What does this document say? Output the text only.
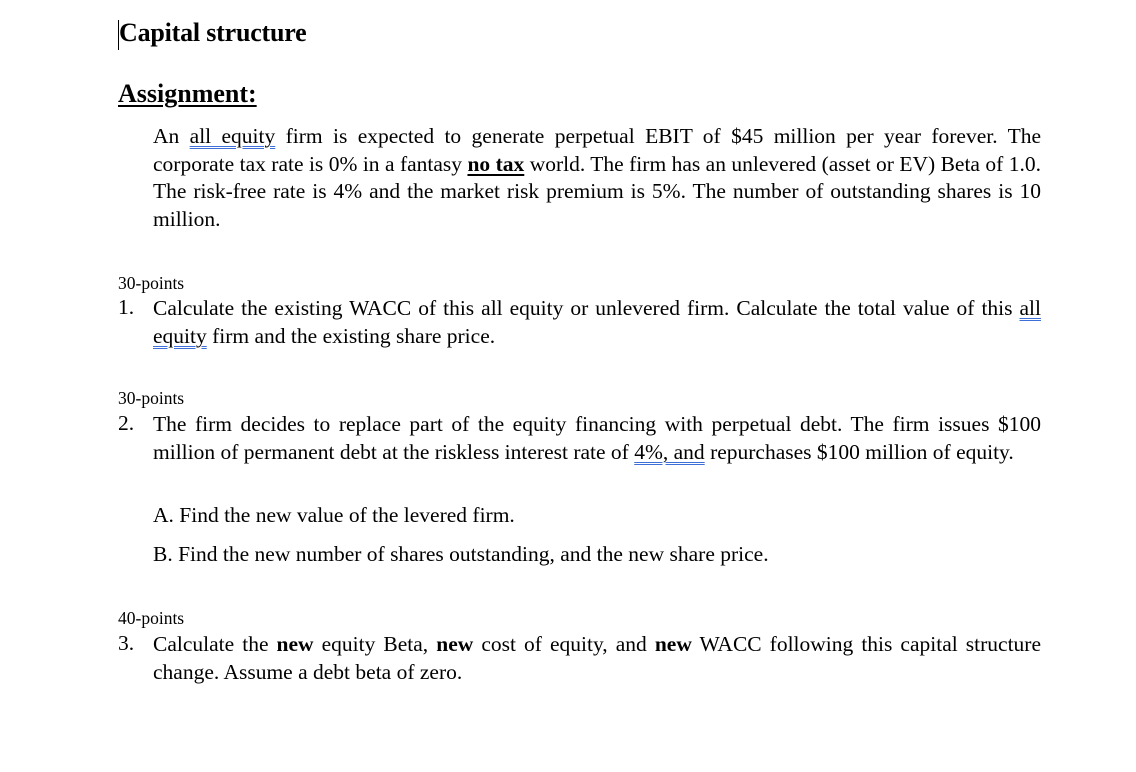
Capital structure
Assignment:
An all equity firm is expected to generate perpetual EBIT of $45 million per year forever. The corporate tax rate is 0% in a fantasy no tax world. The firm has an unlevered (asset or EV) Beta of 1.0. The risk-free rate is 4% and the market risk premium is 5%. The number of outstanding shares is 10 million.
30-points
1. Calculate the existing WACC of this all equity or unlevered firm. Calculate the total value of this all equity firm and the existing share price.
30-points
2. The firm decides to replace part of the equity financing with perpetual debt. The firm issues $100 million of permanent debt at the riskless interest rate of 4%, and repurchases $100 million of equity.
A. Find the new value of the levered firm.
B. Find the new number of shares outstanding, and the new share price.
40-points
3. Calculate the new equity Beta, new cost of equity, and new WACC following this capital structure change. Assume a debt beta of zero.
